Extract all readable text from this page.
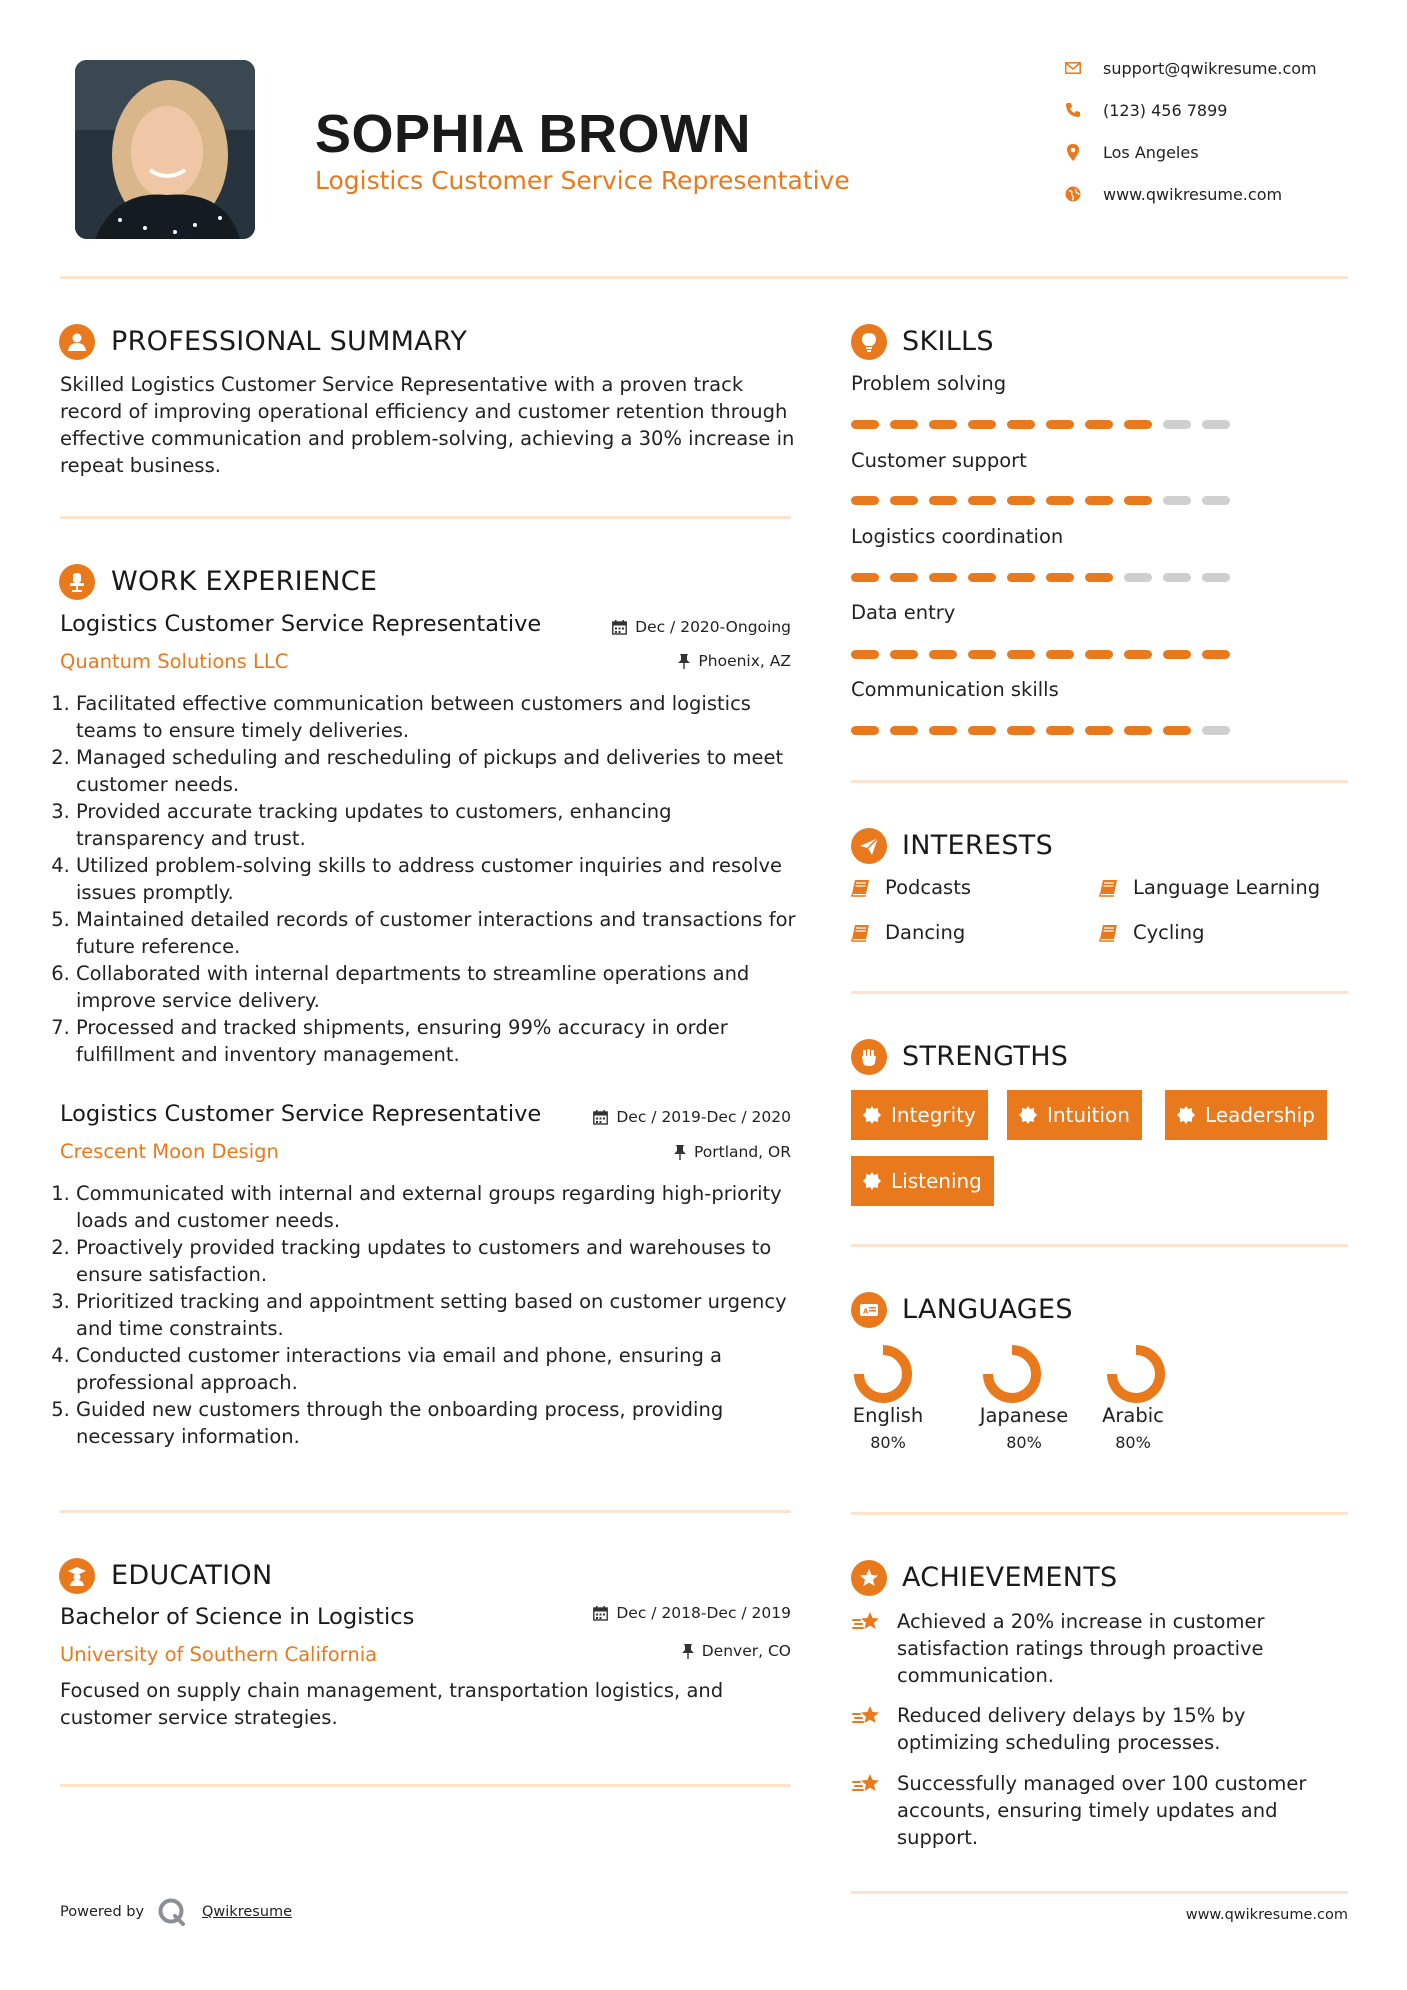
SOPHIA BROWN
Logistics Customer Service Representative
support@qwikresume.com
(123) 456 7899
Los Angeles
www.qwikresume.com
PROFESSIONAL SUMMARY
Skilled Logistics Customer Service Representative with a proven track record of improving operational efficiency and customer retention through effective communication and problem-solving, achieving a 30% increase in repeat business.
WORK EXPERIENCE
Logistics Customer Service Representative	Dec / 2020-Ongoing
Quantum Solutions LLC	Phoenix, AZ
1. Facilitated effective communication between customers and logistics teams to ensure timely deliveries.
2. Managed scheduling and rescheduling of pickups and deliveries to meet customer needs.
3. Provided accurate tracking updates to customers, enhancing transparency and trust.
4. Utilized problem-solving skills to address customer inquiries and resolve issues promptly.
5. Maintained detailed records of customer interactions and transactions for future reference.
6. Collaborated with internal departments to streamline operations and improve service delivery.
7. Processed and tracked shipments, ensuring 99% accuracy in order fulfillment and inventory management.
Logistics Customer Service Representative	Dec / 2019-Dec / 2020
Crescent Moon Design	Portland, OR
1. Communicated with internal and external groups regarding high-priority loads and customer needs.
2. Proactively provided tracking updates to customers and warehouses to ensure satisfaction.
3. Prioritized tracking and appointment setting based on customer urgency and time constraints.
4. Conducted customer interactions via email and phone, ensuring a professional approach.
5. Guided new customers through the onboarding process, providing necessary information.
EDUCATION
Bachelor of Science in Logistics	Dec / 2018-Dec / 2019
University of Southern California	Denver, CO
Focused on supply chain management, transportation logistics, and customer service strategies.
SKILLS
Problem solving
Customer support
Logistics coordination
Data entry
Communication skills
INTERESTS
Podcasts	Language Learning
Dancing	Cycling
STRENGTHS
Integrity	Intuition	Leadership
Listening
A LANGUAGES
English
80%
Japanese
80%
Arabic
80%
ACHIEVEMENTS
Achieved a 20% increase in customer satisfaction ratings through proactive communication.
Reduced delivery delays by 15% by optimizing scheduling processes.
Successfully managed over 100 customer accounts, ensuring timely updates and support.
Powered by	Qwikresume	www.qwikresume.com
